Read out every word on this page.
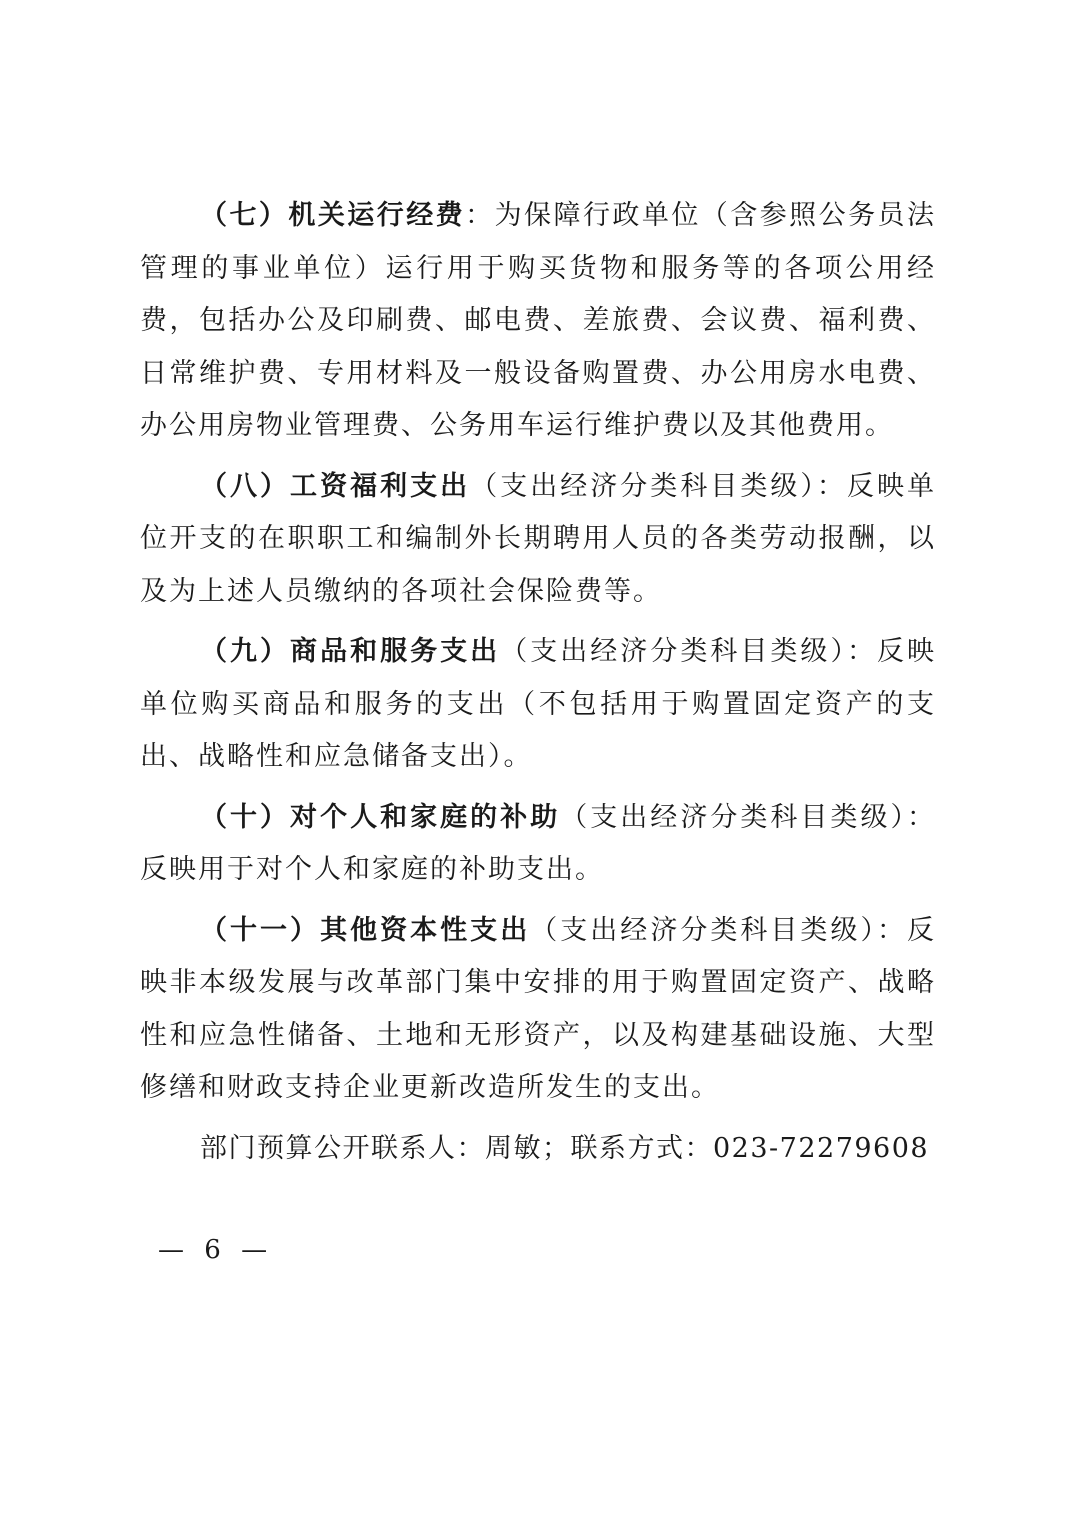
（七）机关运行经费：为保障行政单位（含参照公务员法管理的事业单位）运行用于购买货物和服务等的各项公用经费，包括办公及印刷费、邮电费、差旅费、会议费、福利费、日常维护费、专用材料及一般设备购置费、办公用房水电费、办公用房物业管理费、公务用车运行维护费以及其他费用。

（八）工资福利支出（支出经济分类科目类级）：反映单位开支的在职职工和编制外长期聘用人员的各类劳动报酬，以及为上述人员缴纳的各项社会保险费等。

（九）商品和服务支出（支出经济分类科目类级）：反映单位购买商品和服务的支出（不包括用于购置固定资产的支出、战略性和应急储备支出）。

（十）对个人和家庭的补助（支出经济分类科目类级）：反映用于对个人和家庭的补助支出。

（十一）其他资本性支出（支出经济分类科目类级）：反映非本级发展与改革部门集中安排的用于购置固定资产、战略性和应急性储备、土地和无形资产，以及构建基础设施、大型修缮和财政支持企业更新改造所发生的支出。

部门预算公开联系人：周敏；联系方式：023-72279608

— 6 —
